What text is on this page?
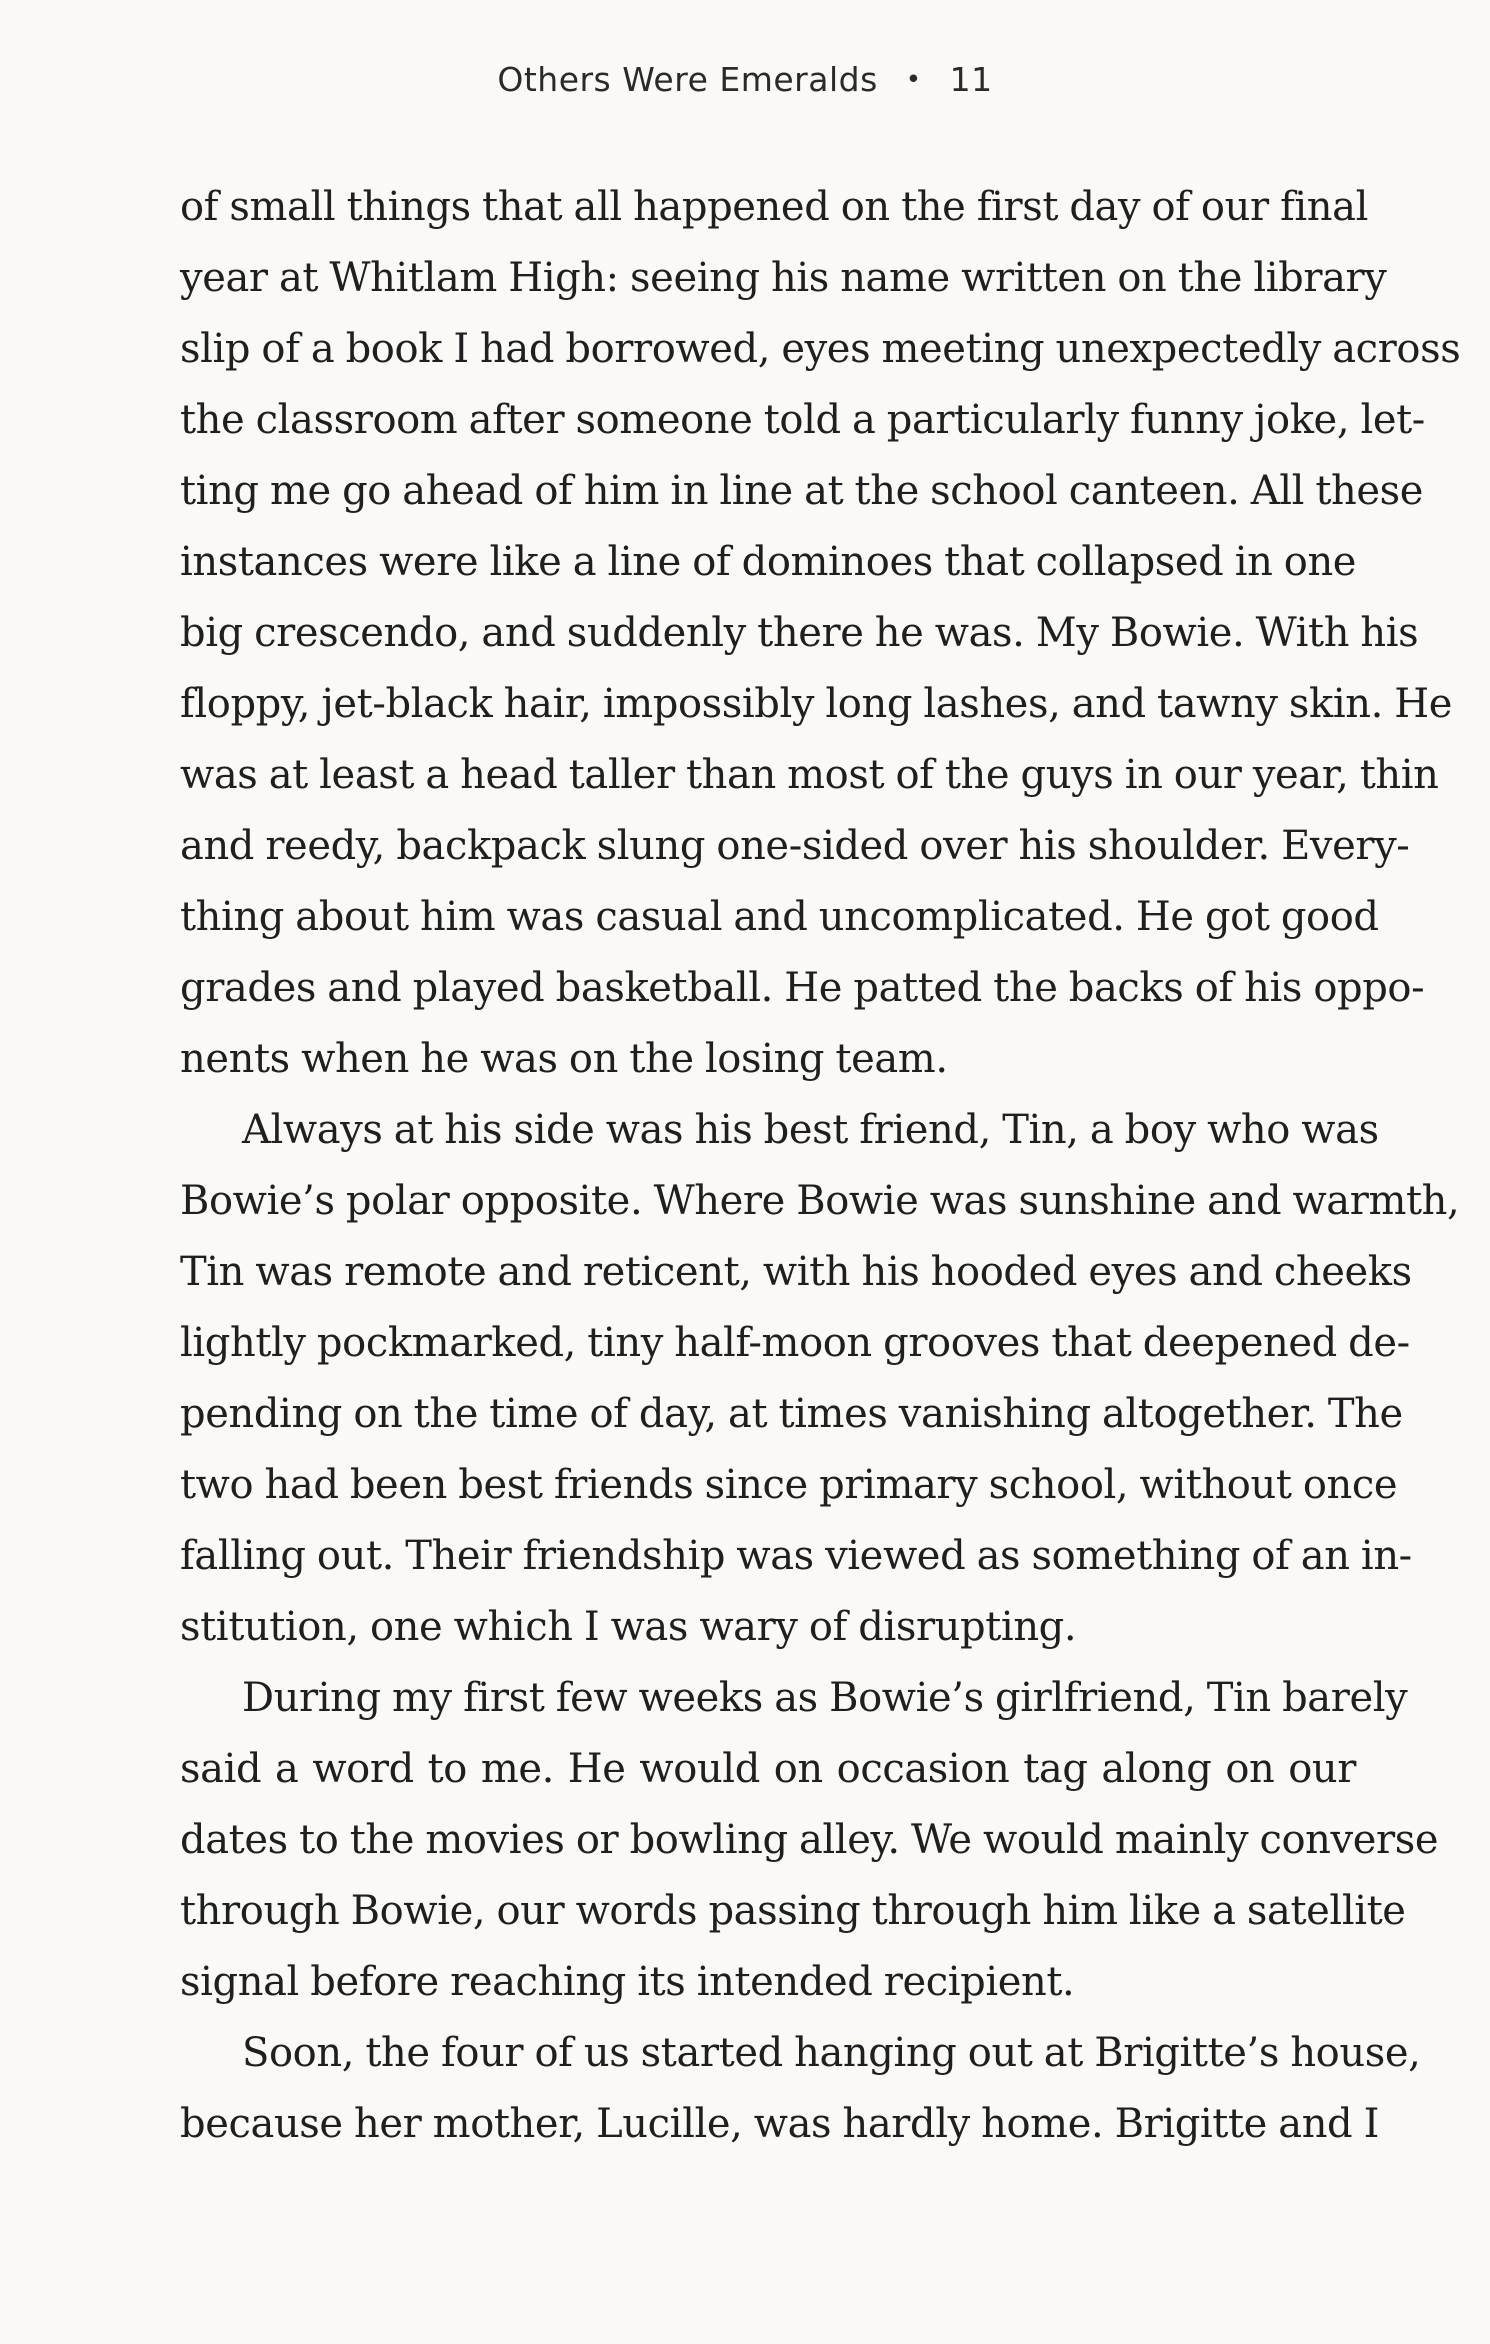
Others Were Emeralds • 11
of small things that all happened on the first day of our final
year at Whitlam High: seeing his name written on the library
slip of a book I had borrowed, eyes meeting unexpectedly across
the classroom after someone told a particularly funny joke, let-
ting me go ahead of him in line at the school canteen. All these
instances were like a line of dominoes that collapsed in one
big crescendo, and suddenly there he was. My Bowie. With his
floppy, jet-black hair, impossibly long lashes, and tawny skin. He
was at least a head taller than most of the guys in our year, thin
and reedy, backpack slung one-sided over his shoulder. Every-
thing about him was casual and uncomplicated. He got good
grades and played basketball. He patted the backs of his oppo-
nents when he was on the losing team.
Always at his side was his best friend, Tin, a boy who was
Bowie’s polar opposite. Where Bowie was sunshine and warmth,
Tin was remote and reticent, with his hooded eyes and cheeks
lightly pockmarked, tiny half-moon grooves that deepened de-
pending on the time of day, at times vanishing altogether. The
two had been best friends since primary school, without once
falling out. Their friendship was viewed as something of an in-
stitution, one which I was wary of disrupting.
During my first few weeks as Bowie’s girlfriend, Tin barely
said a word to me. He would on occasion tag along on our
dates to the movies or bowling alley. We would mainly converse
through Bowie, our words passing through him like a satellite
signal before reaching its intended recipient.
Soon, the four of us started hanging out at Brigitte’s house,
because her mother, Lucille, was hardly home. Brigitte and I
